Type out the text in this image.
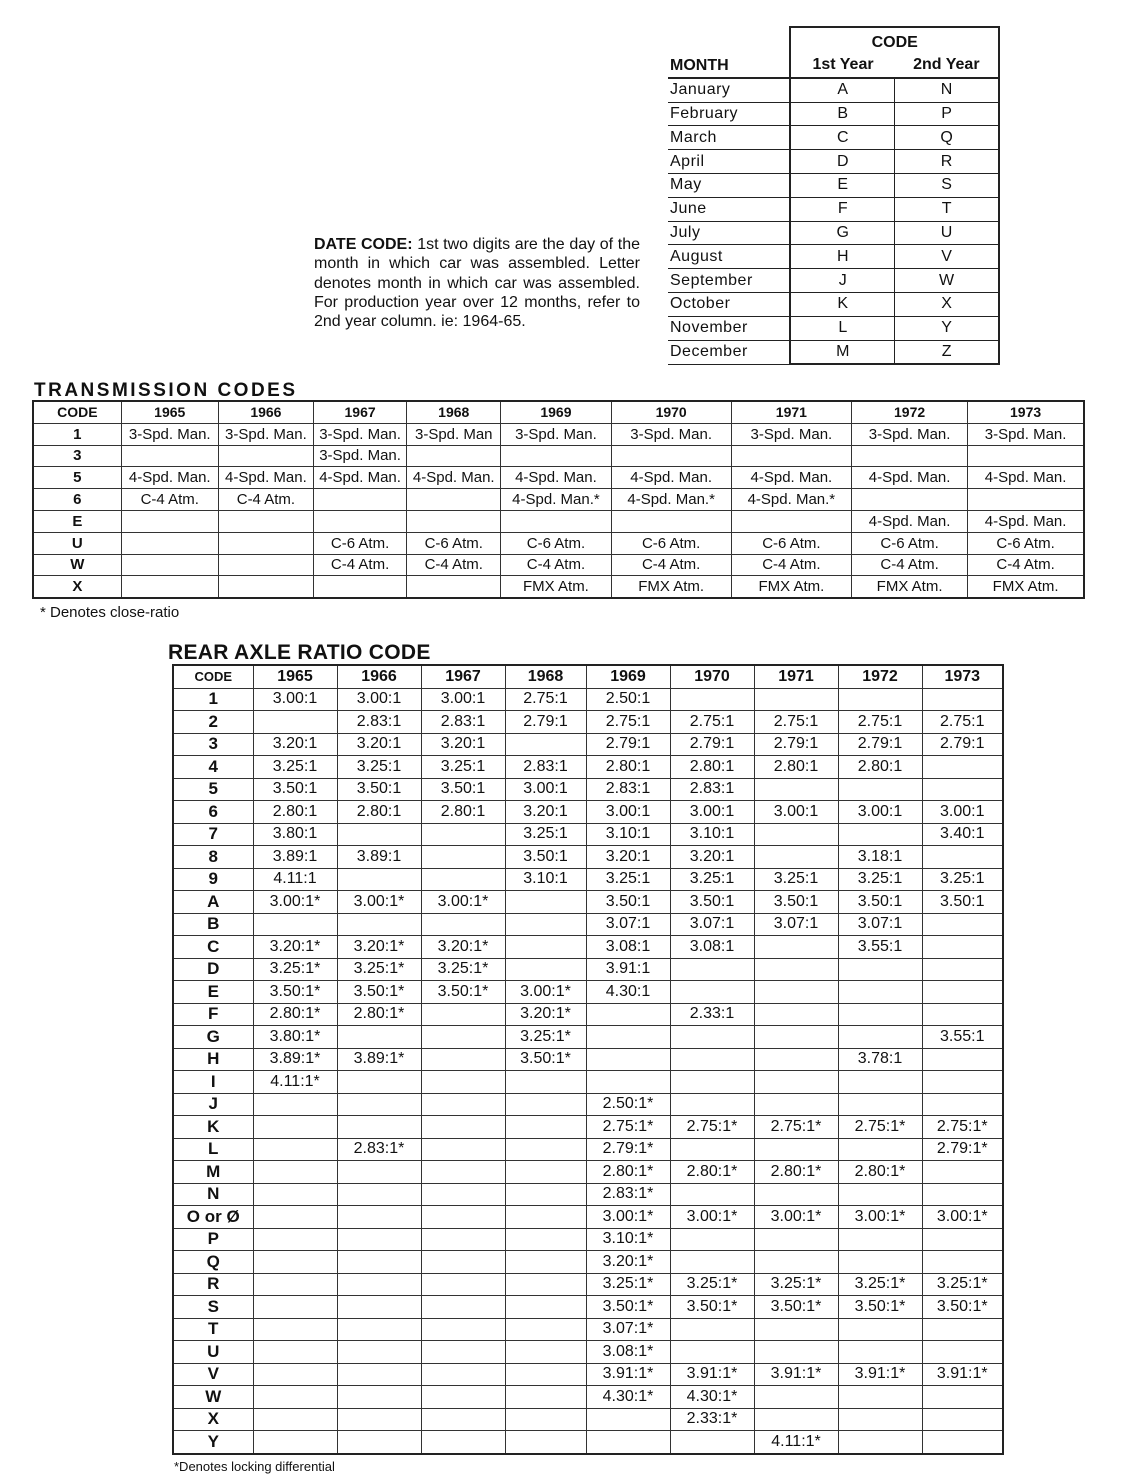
MONTH	CODE	
	1st Year	2nd Year
January	A	N
February	B	P
March	C	Q
April	D	R
May	E	S
June	F	T
July	G	U
August	H	V
September	J	W
October	K	X
November	L	Y
December	M	Z
DATE CODE: 1st two digits are the day of the month in which car was assembled. Letter denotes month in which car was assembled. For production year over 12 months, refer to 2nd year column. ie: 1964-65.
TRANSMISSION CODES
CODE	1965	1966	1967	1968	1969	1970	1971	1972	1973
1	3-Spd. Man.	3-Spd. Man.	3-Spd. Man.	3-Spd. Man	3-Spd. Man.	3-Spd. Man.	3-Spd. Man.	3-Spd. Man.	3-Spd. Man.
3			3-Spd. Man.						
5	4-Spd. Man.	4-Spd. Man.	4-Spd. Man.	4-Spd. Man.	4-Spd. Man.	4-Spd. Man.	4-Spd. Man.	4-Spd. Man.	4-Spd. Man.
6	C-4 Atm.	C-4 Atm.			4-Spd. Man.*	4-Spd. Man.*	4-Spd. Man.*		
E								4-Spd. Man.	4-Spd. Man.
U			C-6 Atm.	C-6 Atm.	C-6 Atm.	C-6 Atm.	C-6 Atm.	C-6 Atm.	C-6 Atm.
W			C-4 Atm.	C-4 Atm.	C-4 Atm.	C-4 Atm.	C-4 Atm.	C-4 Atm.	C-4 Atm.
X					FMX Atm.	FMX Atm.	FMX Atm.	FMX Atm.	FMX Atm.
* Denotes close-ratio
REAR AXLE RATIO CODE
CODE	1965	1966	1967	1968	1969	1970	1971	1972	1973
1	3.00:1	3.00:1	3.00:1	2.75:1	2.50:1				
2		2.83:1	2.83:1	2.79:1	2.75:1	2.75:1	2.75:1	2.75:1	2.75:1
3	3.20:1	3.20:1	3.20:1		2.79:1	2.79:1	2.79:1	2.79:1	2.79:1
4	3.25:1	3.25:1	3.25:1	2.83:1	2.80:1	2.80:1	2.80:1	2.80:1	
5	3.50:1	3.50:1	3.50:1	3.00:1	2.83:1	2.83:1			
6	2.80:1	2.80:1	2.80:1	3.20:1	3.00:1	3.00:1	3.00:1	3.00:1	3.00:1
7	3.80:1			3.25:1	3.10:1	3.10:1			3.40:1
8	3.89:1	3.89:1		3.50:1	3.20:1	3.20:1		3.18:1	
9	4.11:1			3.10:1	3.25:1	3.25:1	3.25:1	3.25:1	3.25:1
A	3.00:1*	3.00:1*	3.00:1*		3.50:1	3.50:1	3.50:1	3.50:1	3.50:1
B					3.07:1	3.07:1	3.07:1	3.07:1	
C	3.20:1*	3.20:1*	3.20:1*		3.08:1	3.08:1		3.55:1	
D	3.25:1*	3.25:1*	3.25:1*		3.91:1				
E	3.50:1*	3.50:1*	3.50:1*	3.00:1*	4.30:1				
F	2.80:1*	2.80:1*		3.20:1*		2.33:1			
G	3.80:1*			3.25:1*					3.55:1
H	3.89:1*	3.89:1*		3.50:1*				3.78:1	
I	4.11:1*								
J					2.50:1*				
K					2.75:1*	2.75:1*	2.75:1*	2.75:1*	2.75:1*
L		2.83:1*			2.79:1*				2.79:1*
M					2.80:1*	2.80:1*	2.80:1*	2.80:1*	
N					2.83:1*				
O or Ø					3.00:1*	3.00:1*	3.00:1*	3.00:1*	3.00:1*
P					3.10:1*				
Q					3.20:1*				
R					3.25:1*	3.25:1*	3.25:1*	3.25:1*	3.25:1*
S					3.50:1*	3.50:1*	3.50:1*	3.50:1*	3.50:1*
T					3.07:1*				
U					3.08:1*				
V					3.91:1*	3.91:1*	3.91:1*	3.91:1*	3.91:1*
W					4.30:1*	4.30:1*			
X						2.33:1*			
Y							4.11:1*		
*Denotes locking differential
